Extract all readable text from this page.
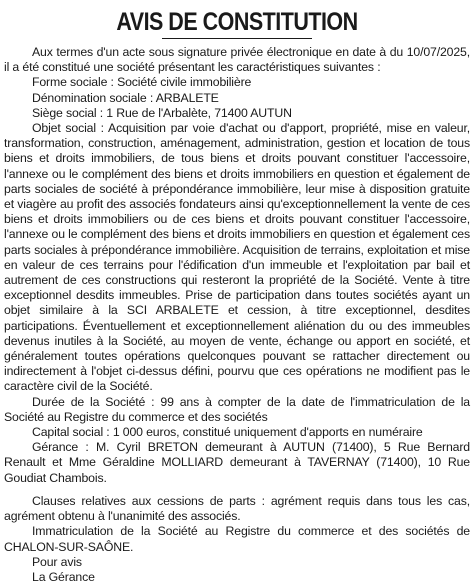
AVIS DE CONSTITUTION

Aux termes d'un acte sous signature privée électronique en date à du 10/07/2025, il a été constitué une société présentant les caractéristiques suivantes :

Forme sociale : Société civile immobilière

Dénomination sociale : ARBALETE

Siège social : 1 Rue de l'Arbalète, 71400 AUTUN

Objet social : Acquisition par voie d'achat ou d'apport, propriété, mise en valeur, transformation, construction, aménagement, administration, gestion et location de tous biens et droits immobiliers, de tous biens et droits pouvant constituer l'accessoire, l'annexe ou le complément des biens et droits immobiliers en question et également de parts sociales de société à prépondérance immobilière, leur mise à disposition gratuite et viagère au profit des associés fondateurs ainsi qu'exceptionnellement la vente de ces biens et droits immobiliers ou de ces biens et droits pouvant constituer l'accessoire, l'annexe ou le complément des biens et droits immobiliers en question et également ces parts sociales à prépondérance immobilière. Acquisition de terrains, exploitation et mise en valeur de ces terrains pour l'édification d'un immeuble et l'exploitation par bail et autrement de ces constructions qui resteront la propriété de la Société. Vente à titre exceptionnel desdits immeubles. Prise de participation dans toutes sociétés ayant un objet similaire à la SCI ARBALETE et cession, à titre exceptionnel, desdites participations. Éventuellement et exceptionnellement aliénation du ou des immeubles devenus inutiles à la Société, au moyen de vente, échange ou apport en société, et généralement toutes opérations quelconques pouvant se rattacher directement ou indirectement à l'objet ci-dessus défini, pourvu que ces opérations ne modifient pas le caractère civil de la Société.

Durée de la Société : 99 ans à compter de la date de l'immatriculation de la Société au Registre du commerce et des sociétés

Capital social : 1 000 euros, constitué uniquement d'apports en numéraire

Gérance : M. Cyril BRETON demeurant à AUTUN (71400), 5 Rue Bernard Renault et Mme Géraldine MOLLIARD demeurant à TAVERNAY (71400), 10 Rue Goudiat Chambois.

Clauses relatives aux cessions de parts : agrément requis dans tous les cas, agrément obtenu à l'unanimité des associés.

Immatriculation de la Société au Registre du commerce et des sociétés de CHALON-SUR-SAÔNE.

Pour avis

La Gérance
